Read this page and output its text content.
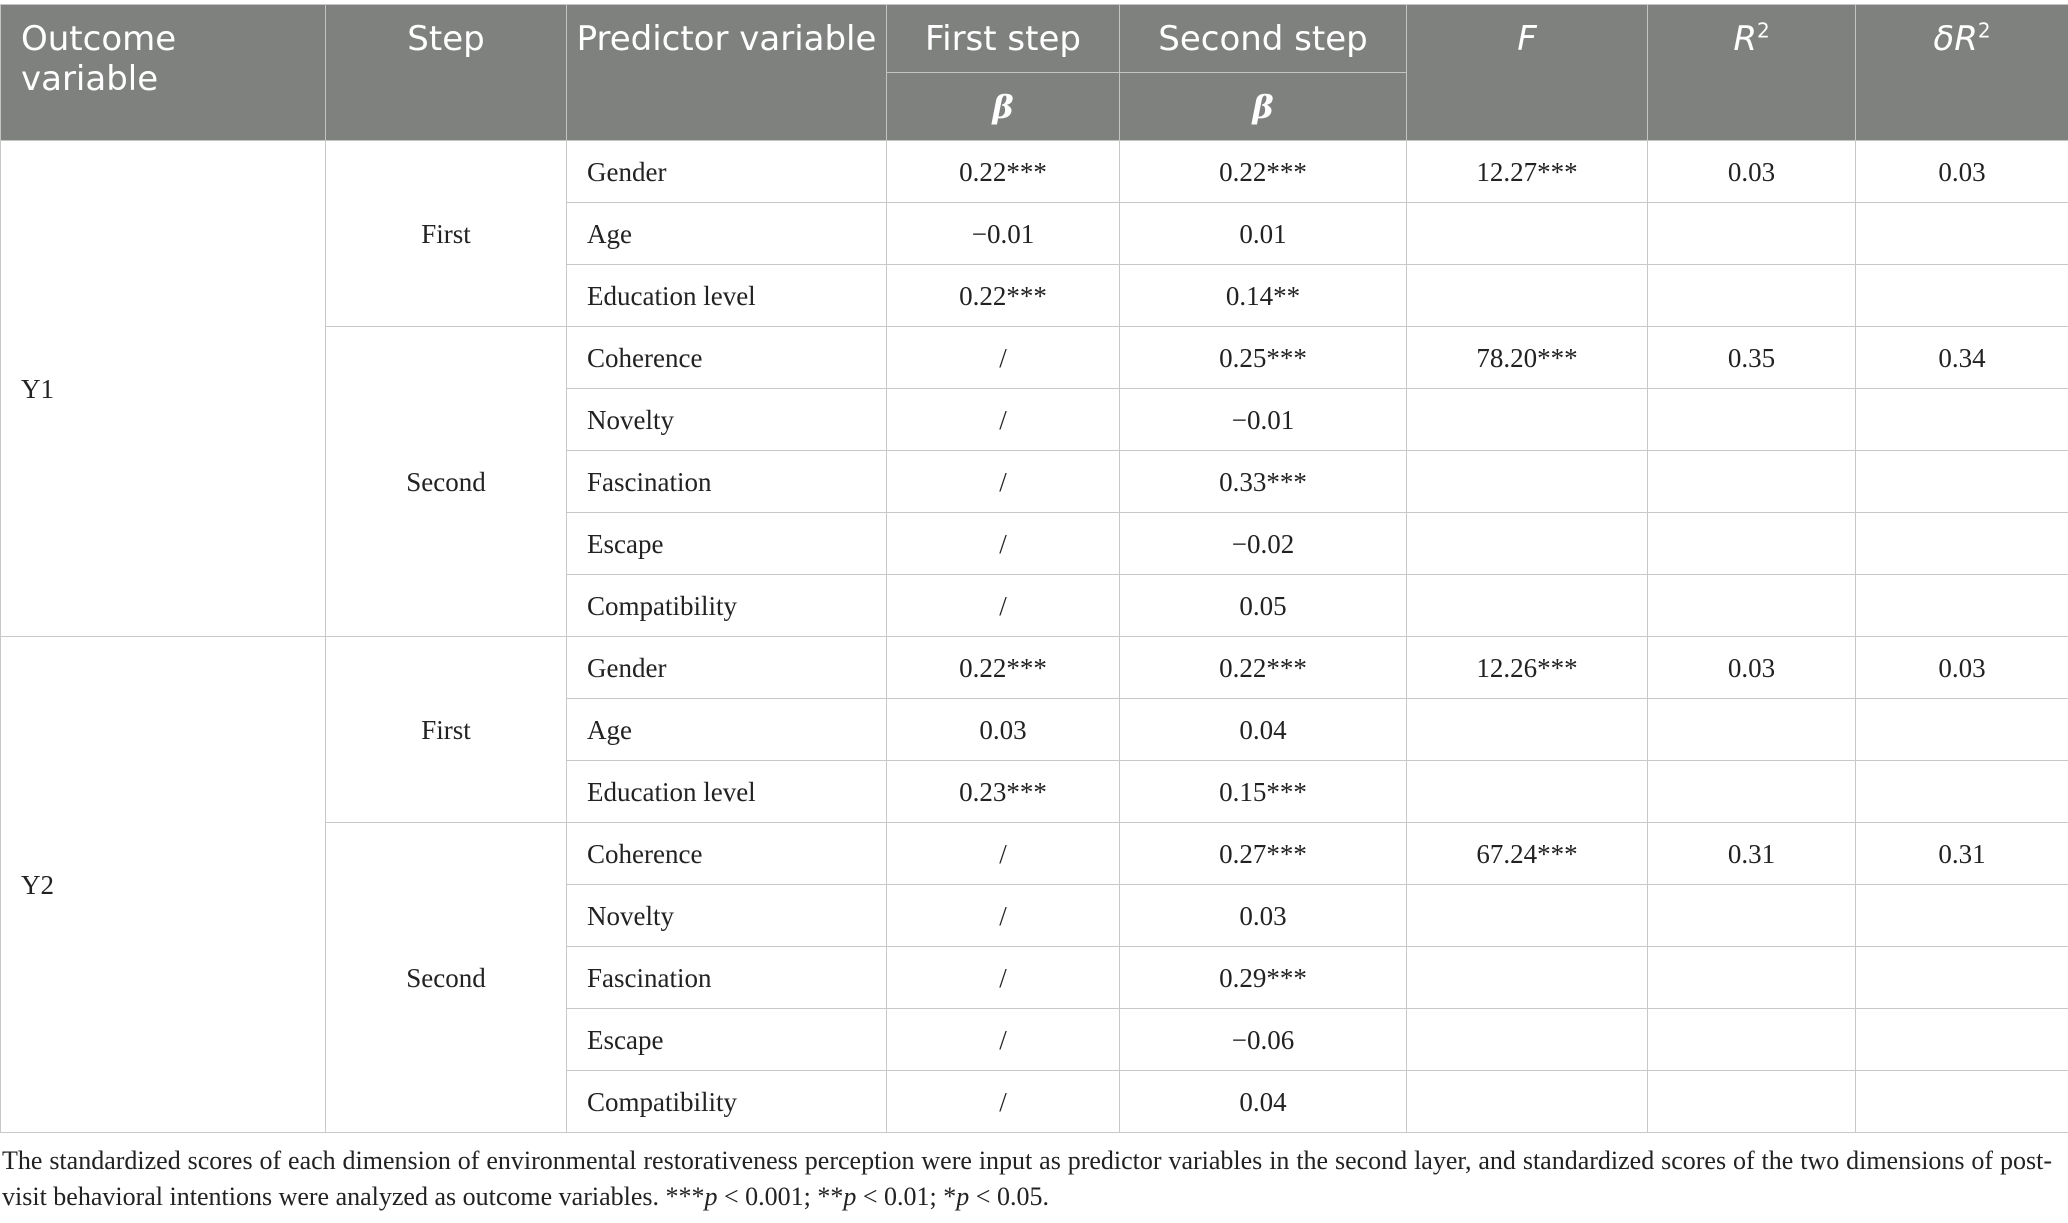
Outcome variable	Step	Predictor variable	First step	Second step	F	$R^2$	$\delta R^2$
			β	β			
Y1	First	Gender	0.22***	0.22***	12.27***	0.03	0.03
		Age	−0.01	0.01			
		Education level	0.22***	0.14**			
	Second	Coherence	/	0.25***	78.20***	0.35	0.34
		Novelty	/	−0.01			
		Fascination	/	0.33***			
		Escape	/	−0.02			
		Compatibility	/	0.05			
Y2	First	Gender	0.22***	0.22***	12.26***	0.03	0.03
		Age	0.03	0.04			
		Education level	0.23***	0.15***			
	Second	Coherence	/	0.27***	67.24***	0.31	0.31
		Novelty	/	0.03			
		Fascination	/	0.29***			
		Escape	/	−0.06			
		Compatibility	/	0.04			
The standardized scores of each dimension of environmental restorativeness perception were input as predictor variables in the second layer, and standardized scores of the two dimensions of post-visit behavioral intentions were analyzed as outcome variables. ***p < 0.001; **p < 0.01; *p < 0.05.
